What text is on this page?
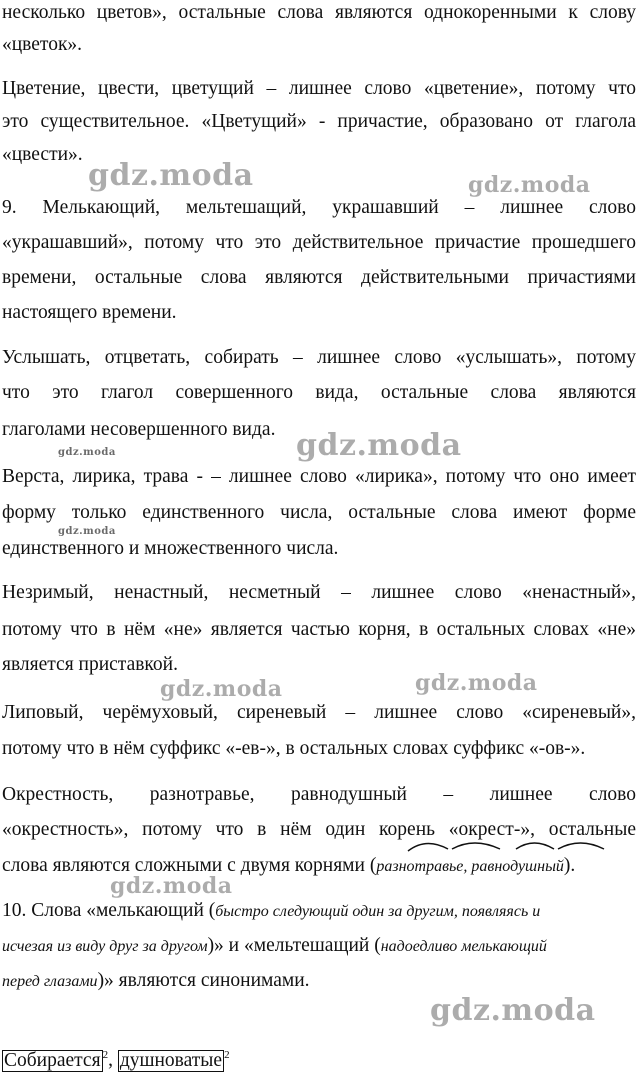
несколько цветов», остальные слова являются однокоренными к слову
«цветок».
Цветение, цвести, цветущий – лишнее слово «цветение», потому что
это существительное. «Цветущий» - причастие, образовано от глагола
«цвести».
9. Мелькающий, мельтешащий, украшавший – лишнее слово
«украшавший», потому что это действительное причастие прошедшего
времени, остальные слова являются действительными причастиями
настоящего времени.
Услышать, отцветать, собирать – лишнее слово «услышать», потому
что это глагол совершенного вида, остальные слова являются
глаголами несовершенного вида.
Верста, лирика, трава - – лишнее слово «лирика», потому что оно имеет
форму только единственного числа, остальные слова имеют форме
единственного и множественного числа.
Незримый, ненастный, несметный – лишнее слово «ненастный»,
потому что в нём «не» является частью корня, в остальных словах «не»
является приставкой.
Липовый, черёмуховый, сиреневый – лишнее слово «сиреневый»,
потому что в нём суффикс «-ев-», в остальных словах суффикс «-ов-».
Окрестность, разнотравье, равнодушный – лишнее слово
«окрестность», потому что в нём один корень «окрест-», остальные
слова являются сложными с двумя корнями (разнотравье, равнодушный).
10. Слова «мелькающий (быстро следующий один за другим, появляясь и
исчезая из виду друг за другом)» и «мельтешащий (надоедливо мелькающий
перед глазами)» являются синонимами.
Собирается $^2$, душноватые $^2$
gdz.moda	gdz.moda
gdz.moda
gdz.moda
gdz.moda
gdz.moda	gdz.moda
gdz.moda
gdz.moda
